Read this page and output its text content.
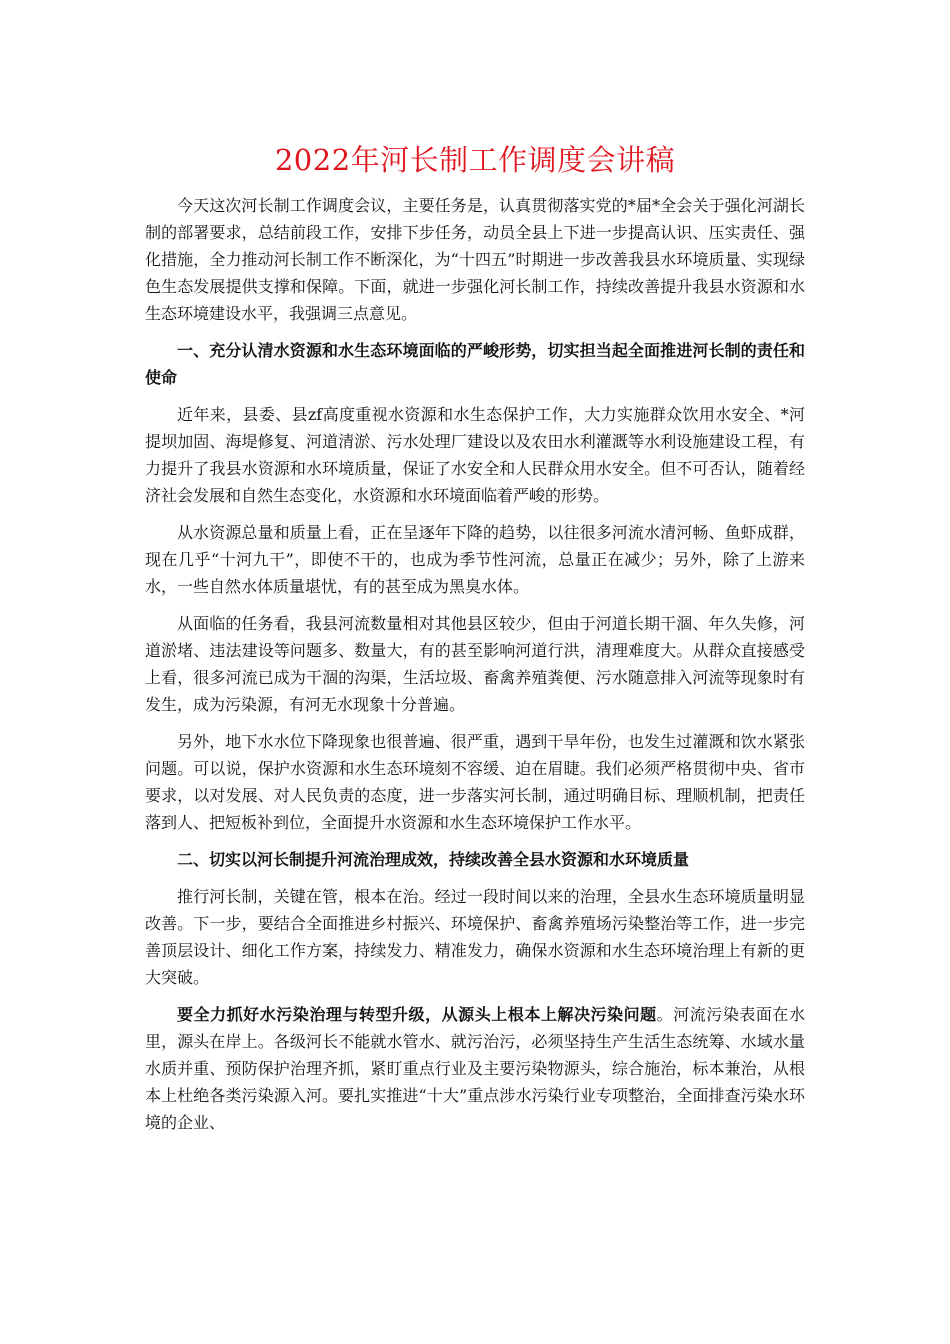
2022年河长制工作调度会讲稿

今天这次河长制工作调度会议，主要任务是，认真贯彻落实党的*届*全会关于强化河湖长制的部署要求，总结前段工作，安排下步任务，动员全县上下进一步提高认识、压实责任、强化措施，全力推动河长制工作不断深化，为“十四五”时期进一步改善我县水环境质量、实现绿色生态发展提供支撑和保障。下面，就进一步强化河长制工作，持续改善提升我县水资源和水生态环境建设水平，我强调三点意见。

一、充分认清水资源和水生态环境面临的严峻形势，切实担当起全面推进河长制的责任和使命

近年来，县委、县zf高度重视水资源和水生态保护工作，大力实施群众饮用水安全、*河提坝加固、海堤修复、河道清淤、污水处理厂建设以及农田水利灌溉等水利设施建设工程，有力提升了我县水资源和水环境质量，保证了水安全和人民群众用水安全。但不可否认，随着经济社会发展和自然生态变化，水资源和水环境面临着严峻的形势。

从水资源总量和质量上看，正在呈逐年下降的趋势，以往很多河流水清河畅、鱼虾成群，现在几乎“十河九干”，即使不干的，也成为季节性河流，总量正在减少；另外，除了上游来水，一些自然水体质量堪忧，有的甚至成为黑臭水体。

从面临的任务看，我县河流数量相对其他县区较少，但由于河道长期干涸、年久失修，河道淤堵、违法建设等问题多、数量大，有的甚至影响河道行洪，清理难度大。从群众直接感受上看，很多河流已成为干涸的沟渠，生活垃圾、畜禽养殖粪便、污水随意排入河流等现象时有发生，成为污染源，有河无水现象十分普遍。

另外，地下水水位下降现象也很普遍、很严重，遇到干旱年份，也发生过灌溉和饮水紧张问题。可以说，保护水资源和水生态环境刻不容缓、迫在眉睫。我们必须严格贯彻中央、省市要求，以对发展、对人民负责的态度，进一步落实河长制，通过明确目标、理顺机制，把责任落到人、把短板补到位，全面提升水资源和水生态环境保护工作水平。

二、切实以河长制提升河流治理成效，持续改善全县水资源和水环境质量

推行河长制，关键在管，根本在治。经过一段时间以来的治理，全县水生态环境质量明显改善。下一步，要结合全面推进乡村振兴、环境保护、畜禽养殖场污染整治等工作，进一步完善顶层设计、细化工作方案，持续发力、精准发力，确保水资源和水生态环境治理上有新的更大突破。

要全力抓好水污染治理与转型升级，从源头上根本上解决污染问题。河流污染表面在水里，源头在岸上。各级河长不能就水管水、就污治污，必须坚持生产生活生态统筹、水域水量水质并重、预防保护治理齐抓，紧盯重点行业及主要污染物源头，综合施治，标本兼治，从根本上杜绝各类污染源入河。要扎实推进“十大”重点涉水污染行业专项整治，全面排查污染水环境的企业、
